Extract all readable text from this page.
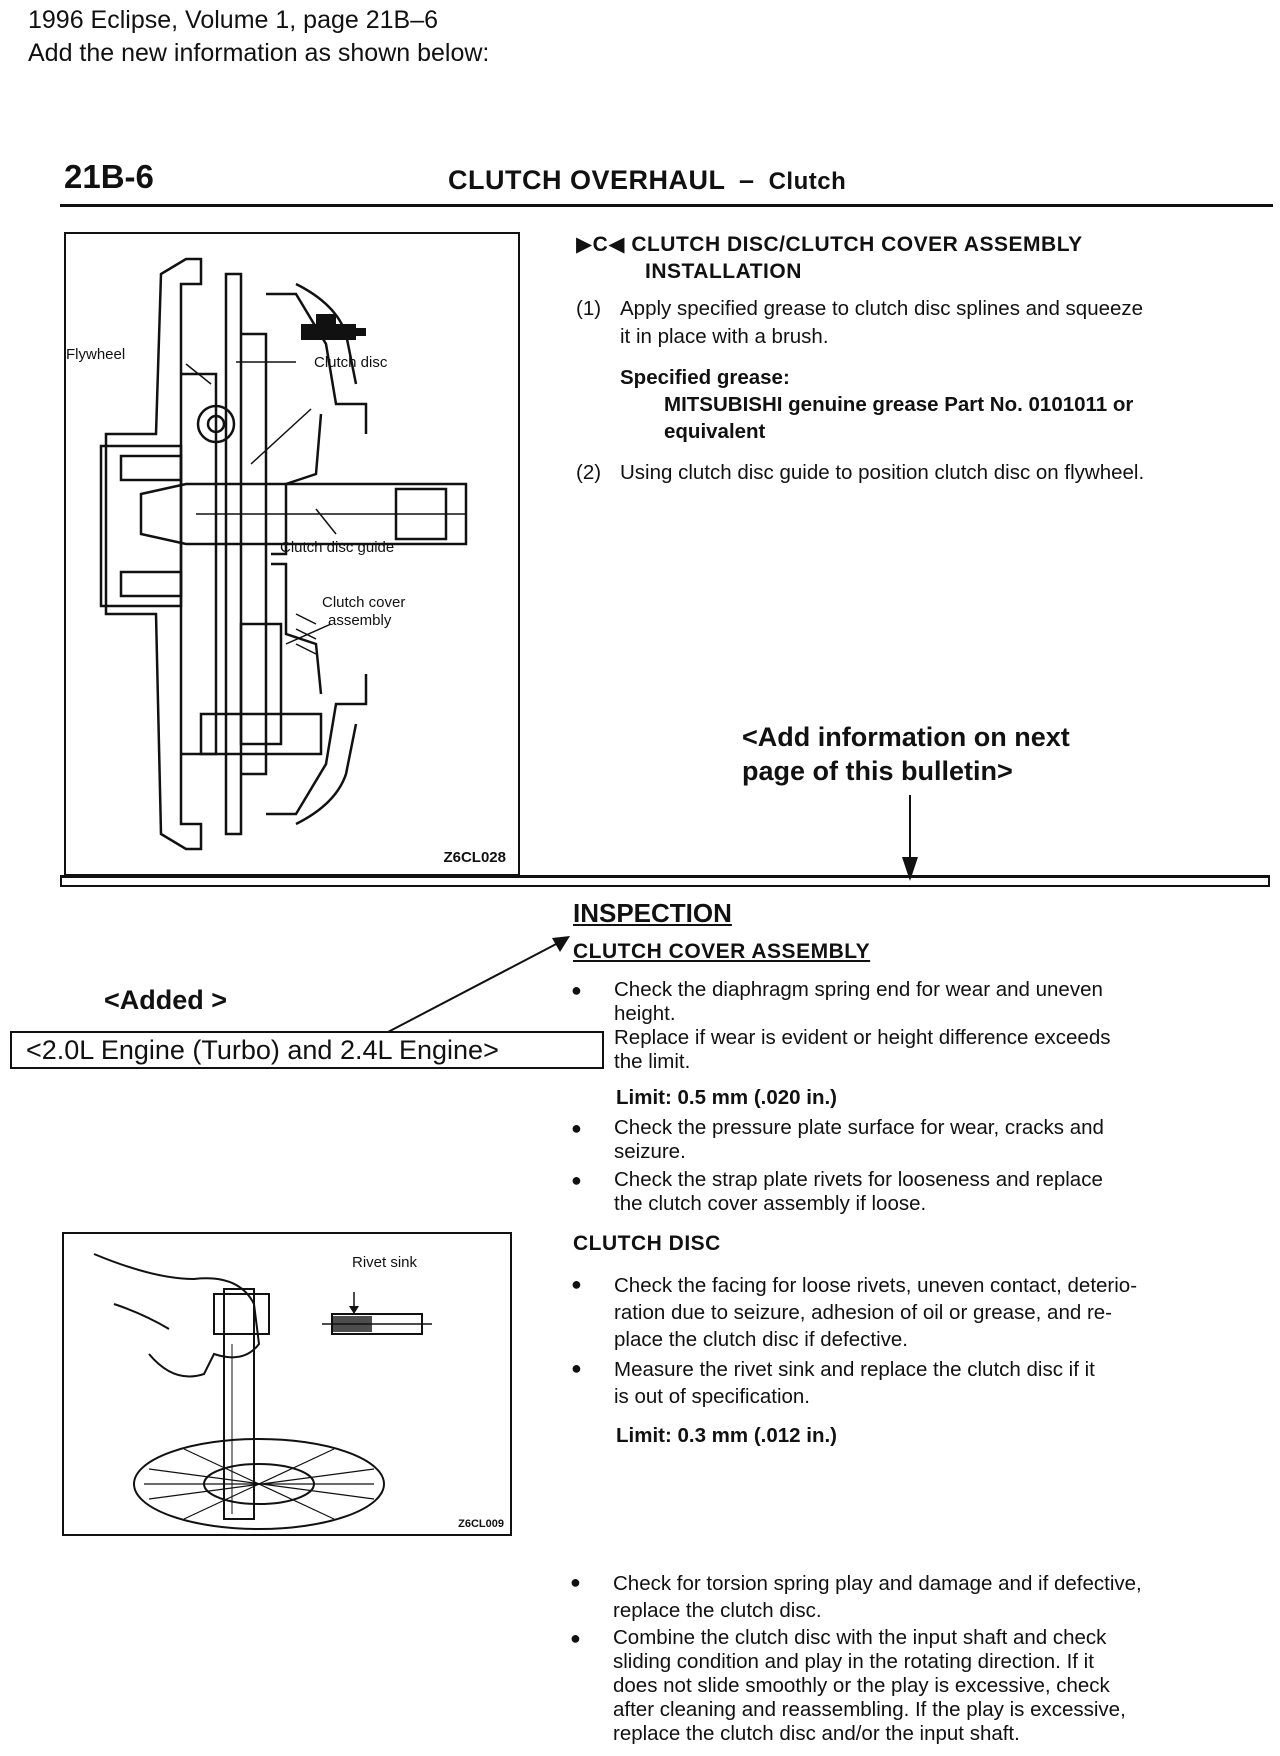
1996 Eclipse, Volume 1, page 21B–6
Add the new information as shown below:
21B-6	CLUTCH OVERHAUL – Clutch
Flywheel	Clutch disc
Clutch disc guide
Clutch cover
assembly
Z6CL028
▶C◀ CLUTCH DISC/CLUTCH COVER ASSEMBLY
INSTALLATION
(1) Apply specified grease to clutch disc splines and squeeze
it in place with a brush.
Specified grease:
MITSUBISHI genuine grease Part No. 0101011 or
equivalent
(2) Using clutch disc guide to position clutch disc on flywheel.
<Add information on next
page of this bulletin>
INSPECTION
CLUTCH COVER ASSEMBLY
<Added >
<2.0L Engine (Turbo) and 2.4L Engine>
● Check the diaphragm spring end for wear and uneven
height.
Replace if wear is evident or height difference exceeds
the limit.
Limit: 0.5 mm (.020 in.)
● Check the pressure plate surface for wear, cracks and
seizure.
● Check the strap plate rivets for looseness and replace
the clutch cover assembly if loose.
CLUTCH DISC
● Check the facing for loose rivets, uneven contact, deterio-
ration due to seizure, adhesion of oil or grease, and re-
place the clutch disc if defective.
● Measure the rivet sink and replace the clutch disc if it
is out of specification.
Limit: 0.3 mm (.012 in.)
Rivet sink
Z6CL009
● Check for torsion spring play and damage and if defective,
replace the clutch disc.
● Combine the clutch disc with the input shaft and check
sliding condition and play in the rotating direction. If it
does not slide smoothly or the play is excessive, check
after cleaning and reassembling. If the play is excessive,
replace the clutch disc and/or the input shaft.
